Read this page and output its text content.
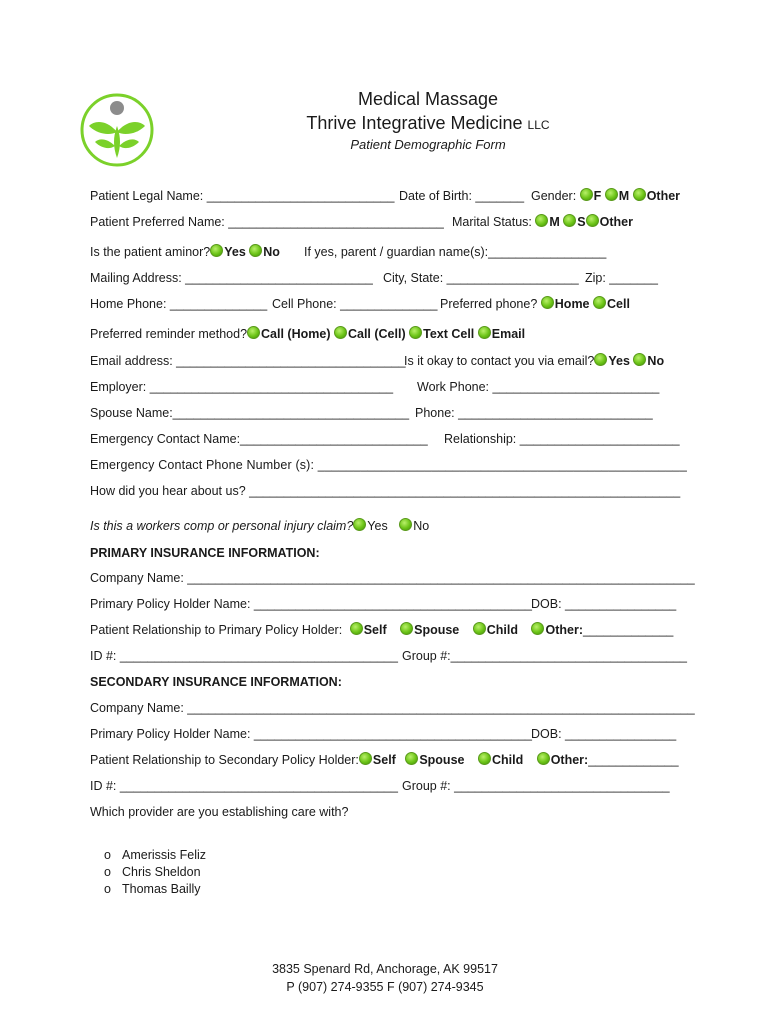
Medical Massage
Thrive Integrative Medicine LLC
Patient Demographic Form
Patient Legal Name: ___________________________ Date of Birth: _______ Gender: F M Other
Patient Preferred Name: _______________________________ Marital Status: M S Other
Is the patient aminor? Yes No If yes, parent / guardian name(s):_________________
Mailing Address: ___________________________ City, State: ___________________ Zip: _______
Home Phone: ______________ Cell Phone: ______________ Preferred phone? Home Cell
Preferred reminder method? Call (Home) Call (Cell) Text Cell Email
Email address: _________________________________
Is it okay to contact you via email? Yes No
Employer: ___________________________________ Work Phone: ________________________
Spouse Name:__________________________________ Phone: ____________________________
Emergency Contact Name:___________________________ Relationship: _______________________
Emergency Contact Phone Number (s): ____________________________________________________
How did you hear about us? ______________________________________________________________
Is this a workers comp or personal injury claim? Yes No
PRIMARY INSURANCE INFORMATION:
Company Name: _________________________________________________________________________
Primary Policy Holder Name: ________________________________________
DOB: ________________
Patient Relationship to Primary Policy Holder: Self Spouse Child Other:_____________
ID #: ________________________________________ Group #:__________________________________
SECONDARY INSURANCE INFORMATION:
Company Name: _________________________________________________________________________
Primary Policy Holder Name: ________________________________________
DOB: ________________
Patient Relationship to Secondary Policy Holder: Self Spouse Child Other:_____________
ID #: ________________________________________ Group #: _______________________________
Which provider are you establishing care with?
o Amerissis Feliz
o Chris Sheldon
o Thomas Bailly
3835 Spenard Rd, Anchorage, AK 99517
P (907) 274-9355 F (907) 274-9345
